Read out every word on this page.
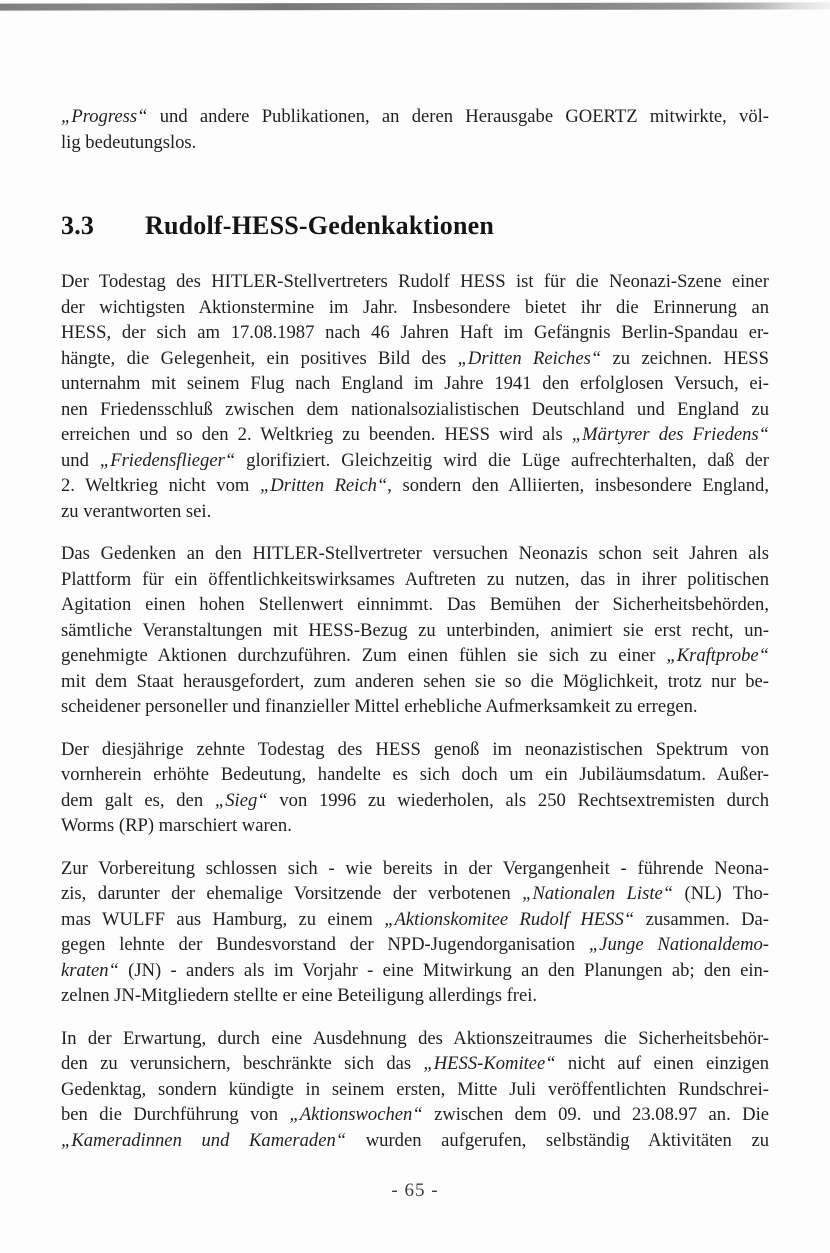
„Progress“ und andere Publikationen, an deren Herausgabe GOERTZ mitwirkte, völ-
lig bedeutungslos.
3.3 Rudolf-HESS-Gedenkaktionen
Der Todestag des HITLER-Stellvertreters Rudolf HESS ist für die Neonazi-Szene einer
der wichtigsten Aktionstermine im Jahr. Insbesondere bietet ihr die Erinnerung an
HESS, der sich am 17.08.1987 nach 46 Jahren Haft im Gefängnis Berlin-Spandau er-
hängte, die Gelegenheit, ein positives Bild des „Dritten Reiches“ zu zeichnen. HESS
unternahm mit seinem Flug nach England im Jahre 1941 den erfolglosen Versuch, ei-
nen Friedensschluß zwischen dem nationalsozialistischen Deutschland und England zu
erreichen und so den 2. Weltkrieg zu beenden. HESS wird als „Märtyrer des Friedens“
und „Friedensflieger“ glorifiziert. Gleichzeitig wird die Lüge aufrechterhalten, daß der
2. Weltkrieg nicht vom „Dritten Reich“, sondern den Alliierten, insbesondere England,
zu verantworten sei.
Das Gedenken an den HITLER-Stellvertreter versuchen Neonazis schon seit Jahren als
Plattform für ein öffentlichkeitswirksames Auftreten zu nutzen, das in ihrer politischen
Agitation einen hohen Stellenwert einnimmt. Das Bemühen der Sicherheitsbehörden,
sämtliche Veranstaltungen mit HESS-Bezug zu unterbinden, animiert sie erst recht, un-
genehmigte Aktionen durchzuführen. Zum einen fühlen sie sich zu einer „Kraftprobe“
mit dem Staat herausgefordert, zum anderen sehen sie so die Möglichkeit, trotz nur be-
scheidener personeller und finanzieller Mittel erhebliche Aufmerksamkeit zu erregen.
Der diesjährige zehnte Todestag des HESS genoß im neonazistischen Spektrum von
vornherein erhöhte Bedeutung, handelte es sich doch um ein Jubiläumsdatum. Außer-
dem galt es, den „Sieg“ von 1996 zu wiederholen, als 250 Rechtsextremisten durch
Worms (RP) marschiert waren.
Zur Vorbereitung schlossen sich - wie bereits in der Vergangenheit - führende Neona-
zis, darunter der ehemalige Vorsitzende der verbotenen „Nationalen Liste“ (NL) Tho-
mas WULFF aus Hamburg, zu einem „Aktionskomitee Rudolf HESS“ zusammen. Da-
gegen lehnte der Bundesvorstand der NPD-Jugendorganisation „Junge Nationaldemo-
kraten“ (JN) - anders als im Vorjahr - eine Mitwirkung an den Planungen ab; den ein-
zelnen JN-Mitgliedern stellte er eine Beteiligung allerdings frei.
In der Erwartung, durch eine Ausdehnung des Aktionszeitraumes die Sicherheitsbehör-
den zu verunsichern, beschränkte sich das „HESS-Komitee“ nicht auf einen einzigen
Gedenktag, sondern kündigte in seinem ersten, Mitte Juli veröffentlichten Rundschrei-
ben die Durchführung von „Aktionswochen“ zwischen dem 09. und 23.08.97 an. Die
„Kameradinnen und Kameraden“ wurden aufgerufen, selbständig Aktivitäten zu
- 65 -
